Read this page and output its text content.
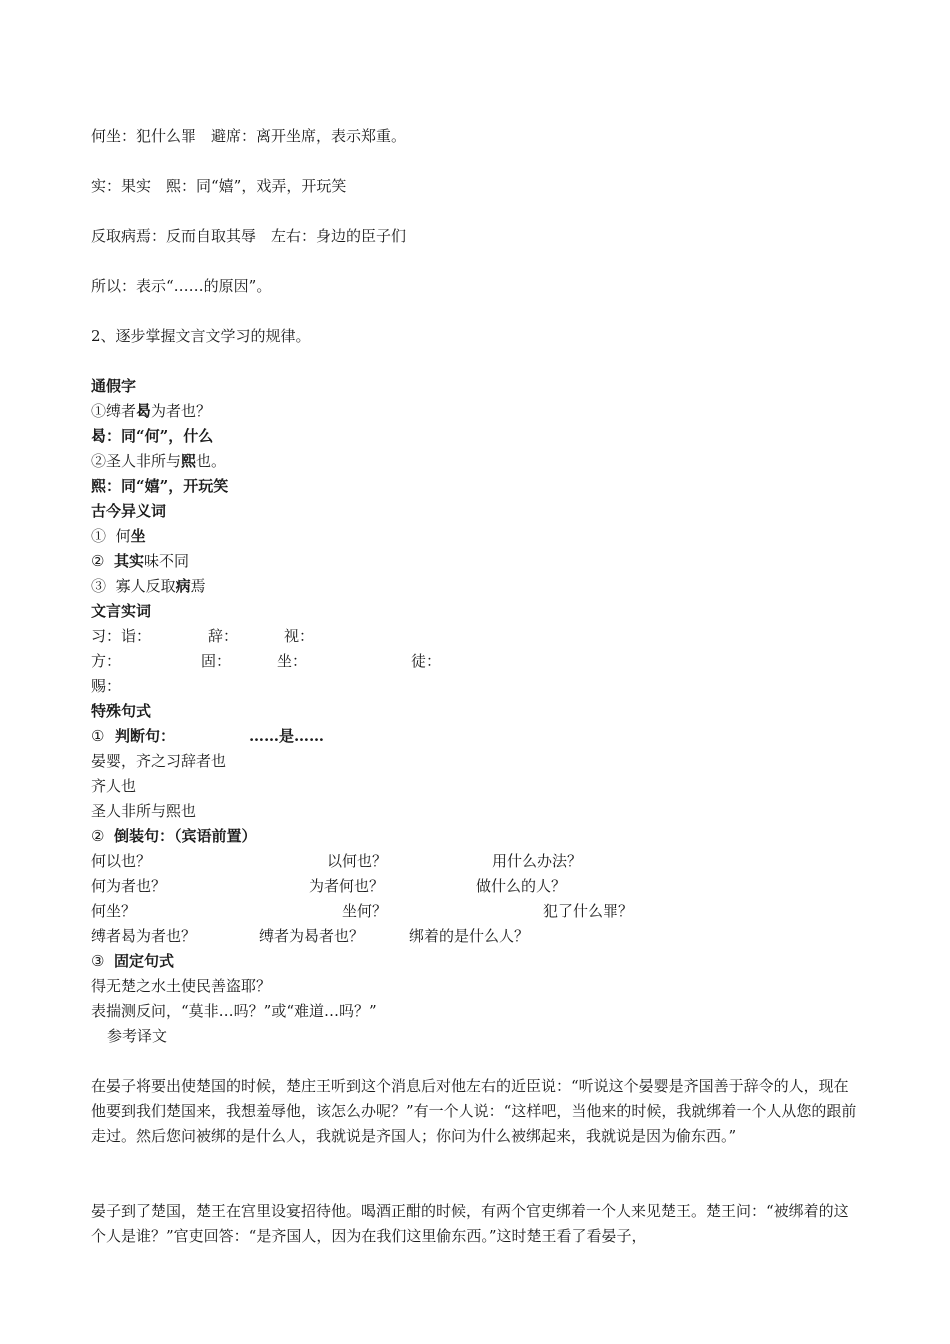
何坐：犯什么罪　避席：离开坐席，表示郑重。
实：果实　熙：同“嬉”，戏弄，开玩笑
反取病焉：反而自取其辱　左右：身边的臣子们
所以：表示“……的原因”。
2、逐步掌握文言文学习的规律。
通假字
①缚者曷为者也？
曷：同“何”，什么
②圣人非所与熙也。
熙：同“嬉”，开玩笑
古今异义词
① 何坐
② 其实味不同
③ 寡人反取病焉
文言实词
习：诣：	辞：	视：
方：	固：	坐：	徒：
赐：
特殊句式
① 判断句：	……是……
晏婴，齐之习辞者也
齐人也
圣人非所与熙也
② 倒装句：（宾语前置）
何以也？	以何也？	用什么办法？
何为者也？	为者何也？	做什么的人？
何坐？	坐何？	犯了什么罪？
缚者曷为者也？	缚者为曷者也？	绑着的是什么人？
③ 固定句式
得无楚之水土使民善盗耶？
表揣测反问，“莫非…吗？”或“难道…吗？”
参考译文
在晏子将要出使楚国的时候，楚庄王听到这个消息后对他左右的近臣说：“听说这个晏婴是齐国善于辞令的人，现在他要到我们楚国来，我想羞辱他，该怎么办呢？”有一个人说：“这样吧，当他来的时候，我就绑着一个人从您的跟前走过。然后您问被绑的是什么人，我就说是齐国人；你问为什么被绑起来，我就说是因为偷东西。”
晏子到了楚国，楚王在宫里设宴招待他。喝酒正酣的时候，有两个官吏绑着一个人来见楚王。楚王问：“被绑着的这个人是谁？”官吏回答：“是齐国人，因为在我们这里偷东西。”这时楚王看了看晏子，
